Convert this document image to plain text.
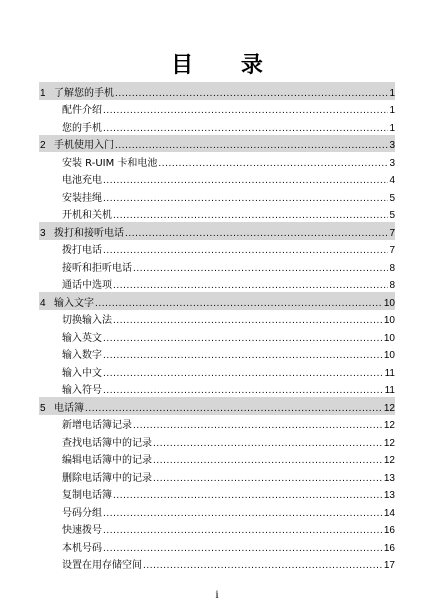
目 录
1 了解您的手机 .....	1
配件介绍 .....	1
您的手机 .....	1
2 手机使用入门 .....	3
安装 R-UIM 卡和电池 .....	3
电池充电 .....	4
安装挂绳 .....	5
开机和关机 .....	5
3 拨打和接听电话 .....	7
拨打电话 .....	7
接听和拒听电话 .....	8
通话中选项 .....	8
4 输入文字 .....	10
切换输入法 .....	10
输入英文 .....	10
输入数字 .....	10
输入中文 .....	11
输入符号 .....	11
5 电话簿 .....	12
新增电话簿记录 .....	12
查找电话簿中的记录 .....	12
编辑电话簿中的记录 .....	12
删除电话簿中的记录 .....	13
复制电话簿 .....	13
号码分组 .....	14
快速拨号 .....	16
本机号码 .....	16
设置在用存储空间 .....	17
i
